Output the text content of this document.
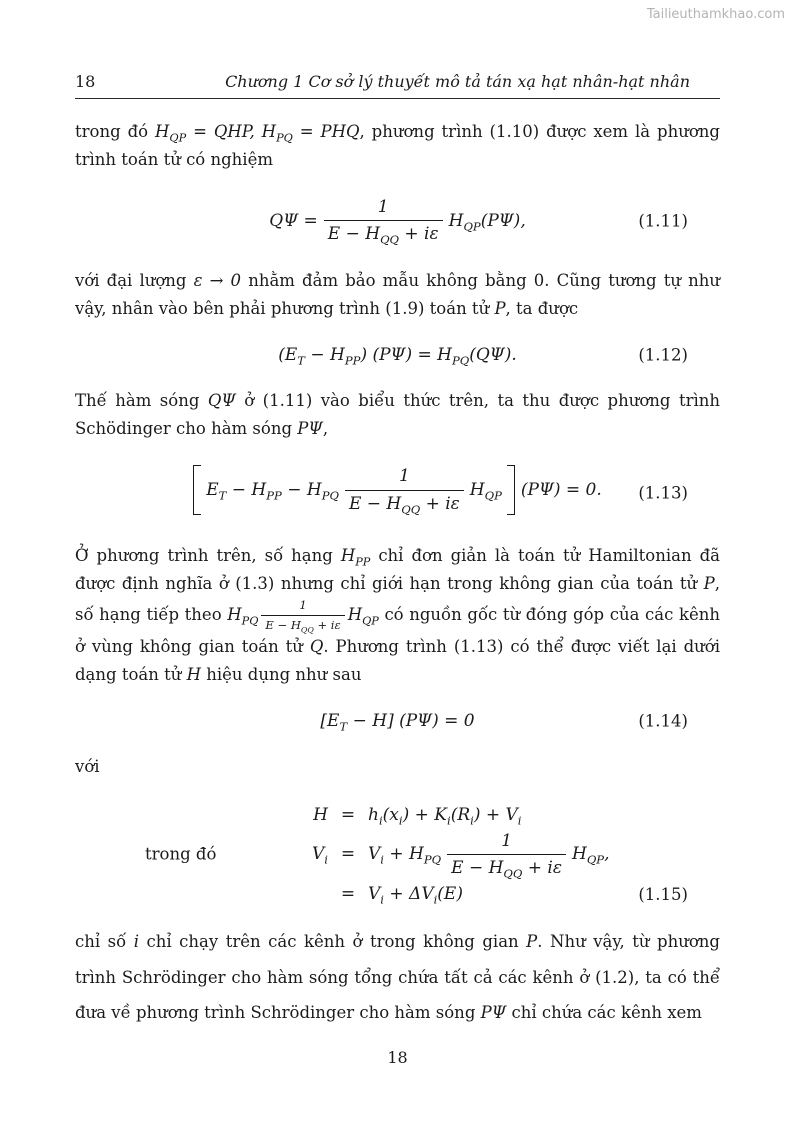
Tailieuthamkhao.com
18	Chương 1 Cơ sở lý thuyết mô tả tán xạ hạt nhân-hạt nhân

trong đó $H_{QP}$ = QHP, $H_{PQ}$ = PHQ, phương trình (1.10) được xem là phương trình toán tử có nghiệm

$Q\Psi = \frac{1}{E - H_{QQ} + i\varepsilon} H_{QP}(P\Psi)$,	(1.11)

với đại lượng ε → 0 nhằm đảm bảo mẫu không bằng 0. Cũng tương tự như vậy, nhân vào bên phải phương trình (1.9) toán tử P, ta được

$(E_T - H_{PP}) (P\Psi) = H_{PQ}(Q\Psi)$.	(1.12)

Thế hàm sóng QΨ ở (1.11) vào biểu thức trên, ta thu được phương trình Schödinger cho hàm sóng PΨ,

$E_T - H_{PP} - H_{PQ} \frac{1}{E - H_{QQ} + i\varepsilon} H_{QP}$ (PΨ) = 0. (1.13)

Ở phương trình trên, số hạng $H_{PP}$ chỉ đơn giản là toán tử Hamiltonian đã được định nghĩa ở (1.3) nhưng chỉ giới hạn trong không gian của toán tử P, số hạng tiếp theo $H_{PQ} \frac{1}{E - H_{QQ} + i\varepsilon} H_{QP}$ có nguồn gốc từ đóng góp của các kênh ở vùng không gian toán tử Q. Phương trình (1.13) có thể được viết lại dưới dạng toán tử H hiệu dụng như sau

$[E_T - H] (P\Psi) = 0$	(1.14)

với

$H = h_i(x_i) + K_i(R_i) + V_i$
trong đó	$V_i = V_i + H_{PQ} \frac{1}{E - H_{QQ} + i\varepsilon} H_{QP}$,
= $V_i + \Delta V_i(E)$	(1.15)

chỉ số i chỉ chạy trên các kênh ở trong không gian P. Như vậy, từ phương trình Schrödinger cho hàm sóng tổng chứa tất cả các kênh ở (1.2), ta có thể đưa về phương trình Schrödinger cho hàm sóng PΨ chỉ chứa các kênh xem

18
